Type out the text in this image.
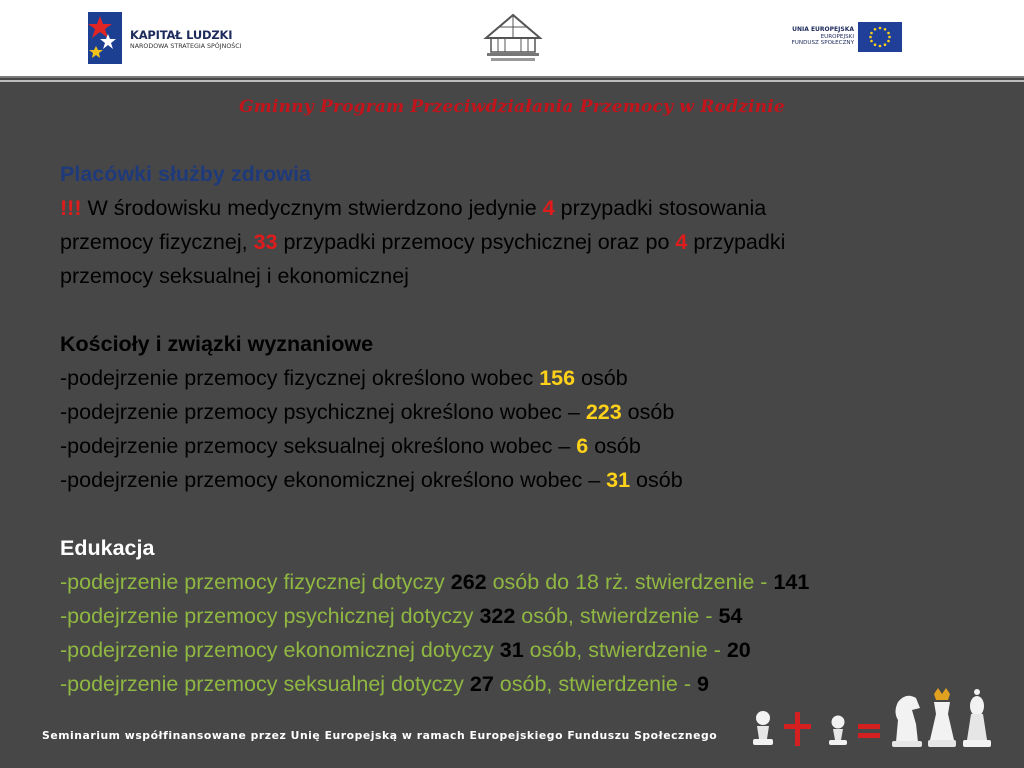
KAPITAŁ LUDZKI
NARODOWA STRATEGIA SPÓJNOŚCI
UNIA EUROPEJSKA
EUROPEJSKI
FUNDUSZ SPOŁECZNY
Gminny Program Przeciwdziałania Przemocy w Rodzinie
Placówki służby zdrowia
!!! W środowisku medycznym stwierdzono jedynie 4 przypadki stosowania
przemocy fizycznej, 33 przypadki przemocy psychicznej oraz po 4 przypadki
przemocy seksualnej i ekonomicznej
Kościoły i związki wyznaniowe
-podejrzenie przemocy fizycznej określono wobec 156 osób
-podejrzenie przemocy psychicznej określono wobec – 223 osób
-podejrzenie przemocy seksualnej określono wobec – 6 osób
-podejrzenie przemocy ekonomicznej określono wobec – 31 osób
Edukacja
-podejrzenie przemocy fizycznej dotyczy 262 osób do 18 rż. stwierdzenie - 141
-podejrzenie przemocy psychicznej dotyczy 322 osób, stwierdzenie - 54
-podejrzenie przemocy ekonomicznej dotyczy 31 osób, stwierdzenie - 20
-podejrzenie przemocy seksualnej dotyczy 27 osób, stwierdzenie - 9
Seminarium współfinansowane przez Unię Europejską w ramach Europejskiego Funduszu Społecznego
